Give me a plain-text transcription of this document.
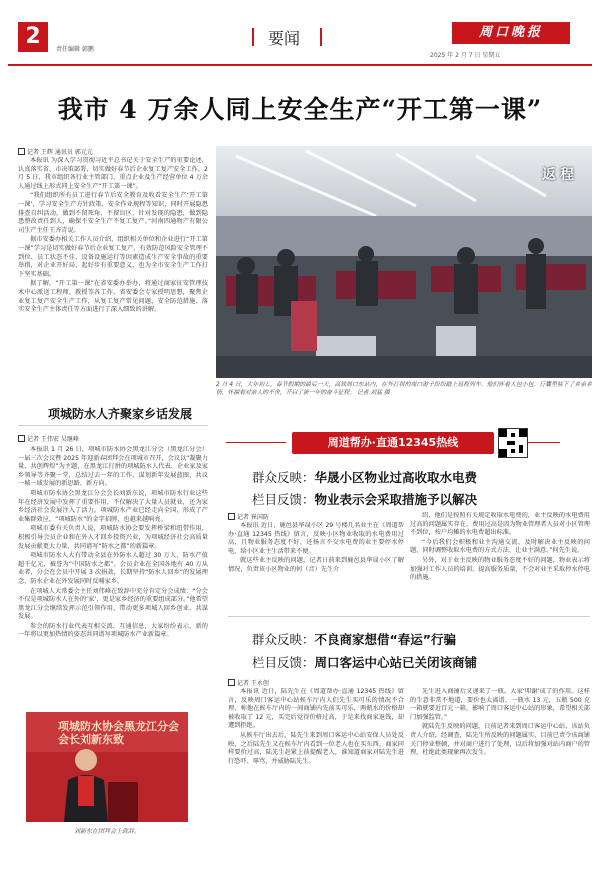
2
责任编辑 韩鹏
要闻	周口晚报
2025 年 2 月 7 日 星期五
我市 4 万余人同上安全生产“开工第一课”
记者 王辉 通讯员 郭元元

本报讯 为深入学习贯彻习近平总书记关于安全生产的重要论述，认真落实省、市决策部署，切实做好春节后企业复工复产安全工作，2 月 5 日，我市组织各行业主管部门、重点企业及生产经营单位 4 万余人通过线上形式同上安全生产“开工第一课”。

“我们组织所有员工进行春节后安全教育及收看安全生产‘开工第一课’，学习安全生产方针政策、安全作业规程等知识，同时开展隐患排查自纠活动，做到不留死角、不留盲区，针对发现的隐患，做到隐患整改责任到人，确保不安全生产不复工复产。”河南四通物产有限公司生产主任王齐青说。

据市安委办相关工作人员介绍，组织相关单位和企业进行“开工第一课”学习是切实做好春节后企业复工复产、有效防范风险安全管理不到位、员工状态不佳、设备设施运行等因素造成生产安全事故的重要举措，对企业开好局、起好步有重要意义，也为全市安全生产工作打下坚实基础。

据了解，“开工第一课”在省安委办举办，将通过商家征安管理技术中心派送工程师、教授等各工作，省安委会专家授明思想，聚焦企业复工复产安全生产工作，从复工复产常见问题、安全防范措施、落实安全生产主体责任等方面进行了深入细致的讲解。

返程
2 月 4 日，大年初七，春节假期的最后一天，高铁周口东站内，在外打拼的周口游子纷纷踏上返程列车。他们怀着大包小包，行囊里装下了乡亲乡情，怀揣着对亲人的不舍，开启了新一年的奋斗征程。 记者 刘猛 摄
项城防水人齐聚家乡话发展
记者 王伟宏 吴继峰

本报讯 1 月 26 日，项城市防水协会黑龙江分会（黑龙江分会）一届三次会议暨 2025 年迎新春团拜会在项城市召开，会议以“凝聚力量、共创辉煌”为主题，在黑龙江打拼的项城防水人代表、企业家及家乡领导等齐聚一堂，总结过去一年的工作，谋划新年发展蓝图，共议一城一域发展的新思路、新方向。

项城市防水协会黑龙江分会会长刘新东说，项城市防水行业这些年在经济发展中发挥了重要作用，不仅解决了大量人员就业，还为家乡经济社会发展注入了活力。项城防水产业已经走向全国，形成了产业集群效应，“项城防水”的金字招牌，也越来越响亮。

项城市委有关负责人说，项城防水协会要发挥桥梁和纽带作用，积极引导会员企业和在外人才回乡投资兴业，为项城经济社会高质量发展贡献更大力量，共同谱写“防水之都”的新篇章。

项城市防水人大有带动全县在外防水人超过 30 万人，防水产值超千亿元，被誉为“中国防水之都”。会员企业在全国各地有 40 万从业者，分会在会员中开展 3 次捐款，长期坚持“防水人回乡”的发展理念，防水企业在外发展同时反哺家乡。

在项城人大常委会主任刘伟峰在致辞中充分肯定分会成绩：“分会不仅是项城防水人在外的‘家’，更是家乡经济的重要组成部分。”他希望黑龙江分会继续发挥示范引领作用，带动更多项城人回乡创业、共谋发展。

参会的防水行业代表互相交流、互通信息，大家纷纷表示，新的一年将以更加热情的姿态共同谱写项城防水产业新篇章。

项城防水协会黑龙江分会会长刘新东致
刘新东在团拜会上致辞。
周道帮办·直通12345热线
群众反映：华晟小区物业过高收取水电费
栏目反馈：物业表示会采取措施予以解决
记者 崔国防

本报讯 近日，鹿邑县华晟小区 29 号楼几名业主在《周道帮办·直通 12345 热线》留言，反映小区物业收取的水电费用过高，且物业服务态度不好，还扬言不交水电费的业主要停水停电，给小区业主生活带来不便。

就这些业主反映的问题，记者日前来到鹿邑县华晟小区了解情况，负责该小区物业的何（音）先生介

绍，他们是按照有关规定收取水电费的，业主反映的水电费用过高的问题属实存在。费用过高是因为物业管理者人员对小区管理不到位，按户均摊的水电费超出标准。

“今后我们会积极和业主沟通交流，及时解决业主反映的问题，同时调整收取水电费的方式方法，让业主满意。”何先生说。

另外，对于业主反映的物业服务态度不好的问题，物业表示将加强对工作人员的培训，提高服务质量，不会对业主采取停水停电的措施。

群众反映：不良商家想借“春运”行骗
栏目反馈：周口客运中心站已关闭该商铺
记者 王永创

本报讯 近日，陆先生在《周道帮办·直通 12345 热线》留言，反映周口客运中心站候车厅内人们先生买可乐的情况不合理，称他在候车厅内的一间商铺内先前买可乐，两瓶水的价格却被收取了 12 元，买完后觉得价格过高，于是来找商家退钱，却遭到拒绝。

从候车厅出去后，陆先生来到周口客运中心站安保人员处反映，之后陆先生又在候车厅内看到一位老人也在买东西，商家同样要价过高，陆先生赶紧上前提醒老人，谁知道商家对陆先生进行恐吓、辱骂，并威胁陆先生。

先生进入商铺后又递来了一瓶。大家‘叩谢’成了的作用。这样的生意非常不地道，要价也太离谱，一瓶水 13 元，五瓶 500 克一箱就要近百元一箱，影响了周口客运中心站的形象，希望相关部门加强监管。”

就陆先生反映的问题，日前记者来到周口客运中心站，该站负责人介绍，经调查，陆先生所反映的问题属实，目前已责令该商铺关门停业整顿，并对商户进行了处理，以后将加强对站内商户的管理，杜绝此类现象再次发生。
